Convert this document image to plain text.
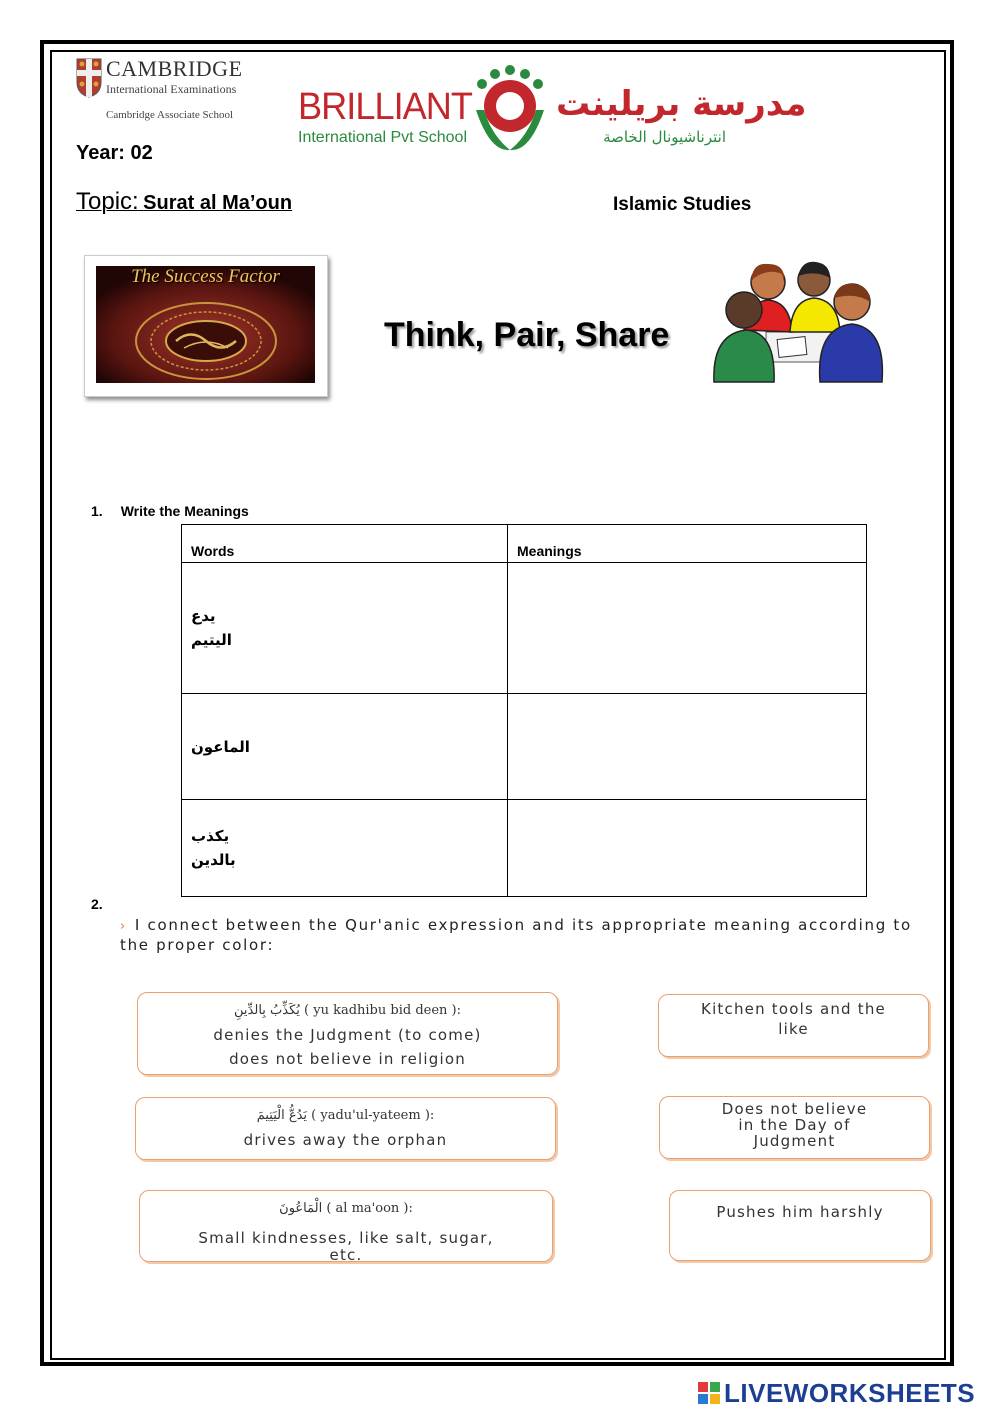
CAMBRIDGE
International Examinations
Cambridge Associate School BRILLIANT
International Pvt School
مدرسة بريلينت
انترناشيونال الخاصة
Year: 02
Topic: Surat al Ma’oun	Islamic Studies
The Success Factor
Think, Pair, Share
1. Write the Meanings
Words	Meanings

يدع
اليتيم	

الماعون	

يكذب
بالدين	

2.
› I connect between the Qur'anic expression and its appropriate meaning according to the proper color:
يُكَذِّبُ بِالدِّينِ ( yu kadhibu bid deen ):
denies the Judgment (to come)
does not believe in religion
يَدُعُّ الْيَتِيمَ ( yadu'ul-yateem ):
drives away the orphan
الْمَاعُونَ ( al ma'oon ):
Small kindnesses, like salt, sugar,
etc.
Kitchen tools and the
like
Does not believe
in the Day of
Judgment
Pushes him harshly
LIVEWORKSHEETS
